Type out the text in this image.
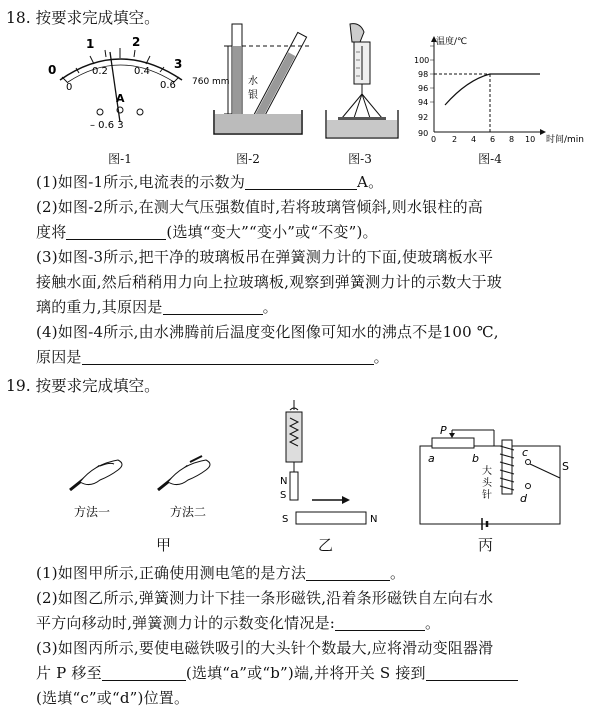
18. 按要求完成填空。
0
1	2
3
0
0.2	0.4
0.6
A
– 0.6 3
图-1
760 mm 水
银
图-2	图-3
温度/℃
时间/min
90
92
94
96
98
100
0 2 4 6 8 10
图-4
(1)如图-1所示,电流表的示数为	A。
(2)如图-2所示,在测大气压强数值时,若将玻璃管倾斜,则水银柱的高
度将	(选填“变大”“变小”或“不变”)。
(3)如图-3所示,把干净的玻璃板吊在弹簧测力计的下面,使玻璃板水平
接触水面,然后稍稍用力向上拉玻璃板,观察到弹簧测力计的示数大于玻
璃的重力,其原因是	。
(4)如图-4所示,由水沸腾前后温度变化图像可知水的沸点不是100 ℃,
原因是	。
19. 按要求完成填空。
方法一	方法二
甲
N
S
S	N
乙
P
a	b
大
头
针
c
d
S
丙
(1)如图甲所示,正确使用测电笔的是方法	。
(2)如图乙所示,弹簧测力计下挂一条形磁铁,沿着条形磁铁自左向右水
平方向移动时,弹簧测力计的示数变化情况是:	。
(3)如图丙所示,要使电磁铁吸引的大头针个数最大,应将滑动变阻器滑
片 P 移至	(选填“a”或“b”)端,并将开关 S 接到
(选填“c”或“d”)位置。
